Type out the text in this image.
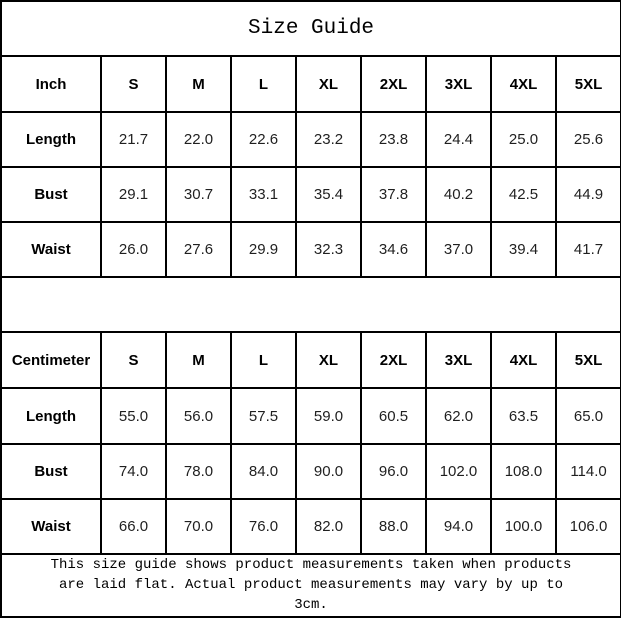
Size Guide								
Inch	S	M	L	XL	2XL	3XL	4XL	5XL
Length	21.7	22.0	22.6	23.2	23.8	24.4	25.0	25.6
Bust	29.1	30.7	33.1	35.4	37.8	40.2	42.5	44.9
Waist	26.0	27.6	29.9	32.3	34.6	37.0	39.4	41.7

Centimeter	S	M	L	XL	2XL	3XL	4XL	5XL
Length	55.0	56.0	57.5	59.0	60.5	62.0	63.5	65.0
Bust	74.0	78.0	84.0	90.0	96.0	102.0	108.0	114.0
Waist	66.0	70.0	76.0	82.0	88.0	94.0	100.0	106.0

This size guide shows product measurements taken when products are laid flat. Actual product measurements may vary by up to 3cm.								
